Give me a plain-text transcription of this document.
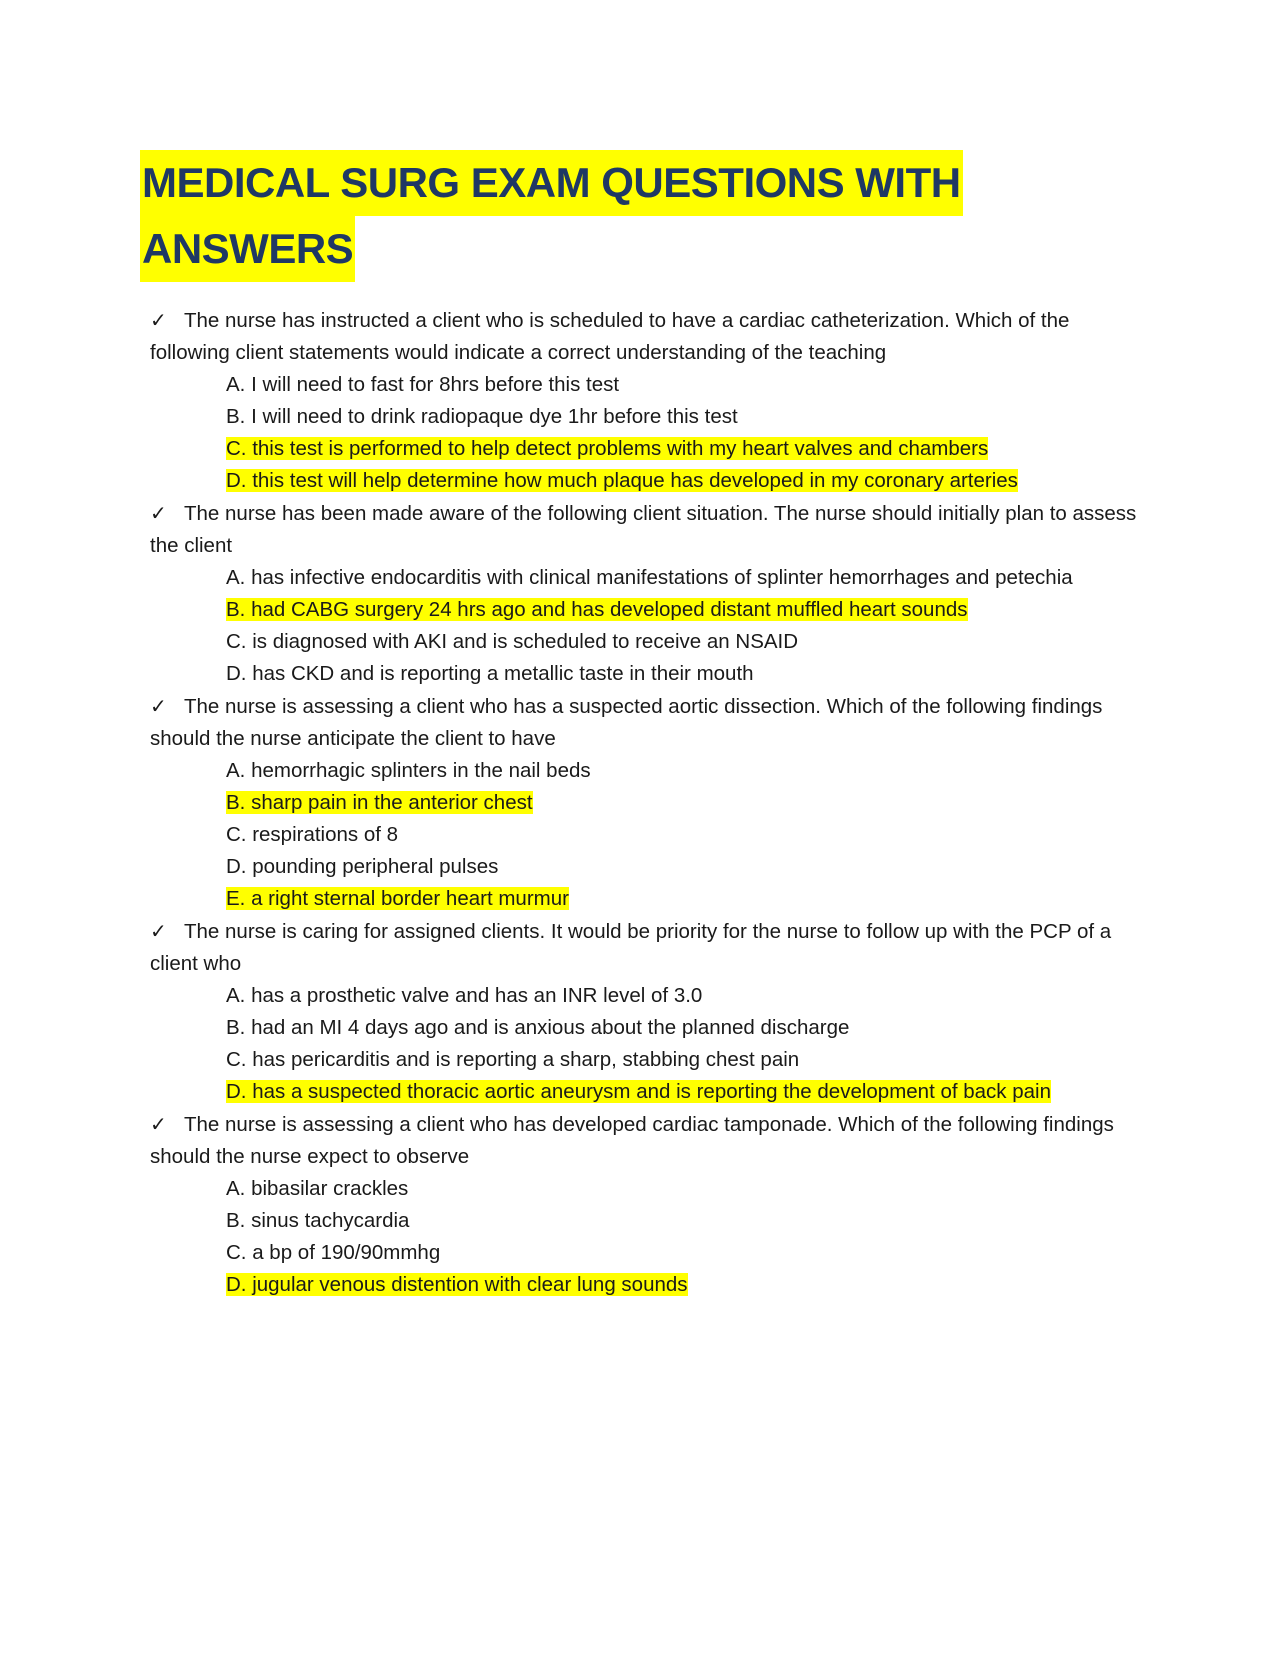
MEDICAL SURG EXAM QUESTIONS WITH
ANSWERS

✓ The nurse has instructed a client who is scheduled to have a cardiac catheterization. Which of the following client statements would indicate a correct understanding of the teaching

A. I will need to fast for 8hrs before this test
B. I will need to drink radiopaque dye 1hr before this test
C. this test is performed to help detect problems with my heart valves and chambers
D. this test will help determine how much plaque has developed in my coronary arteries

✓ The nurse has been made aware of the following client situation. The nurse should initially plan to assess the client

A. has infective endocarditis with clinical manifestations of splinter hemorrhages and petechia
B. had CABG surgery 24 hrs ago and has developed distant muffled heart sounds
C. is diagnosed with AKI and is scheduled to receive an NSAID
D. has CKD and is reporting a metallic taste in their mouth

✓ The nurse is assessing a client who has a suspected aortic dissection. Which of the following findings should the nurse anticipate the client to have

A. hemorrhagic splinters in the nail beds
B. sharp pain in the anterior chest
C. respirations of 8
D. pounding peripheral pulses
E. a right sternal border heart murmur

✓ The nurse is caring for assigned clients. It would be priority for the nurse to follow up with the PCP of a client who

A. has a prosthetic valve and has an INR level of 3.0
B. had an MI 4 days ago and is anxious about the planned discharge
C. has pericarditis and is reporting a sharp, stabbing chest pain
D. has a suspected thoracic aortic aneurysm and is reporting the development of back pain

✓ The nurse is assessing a client who has developed cardiac tamponade. Which of the following findings should the nurse expect to observe

A. bibasilar crackles
B. sinus tachycardia
C. a bp of 190/90mmhg
D. jugular venous distention with clear lung sounds
